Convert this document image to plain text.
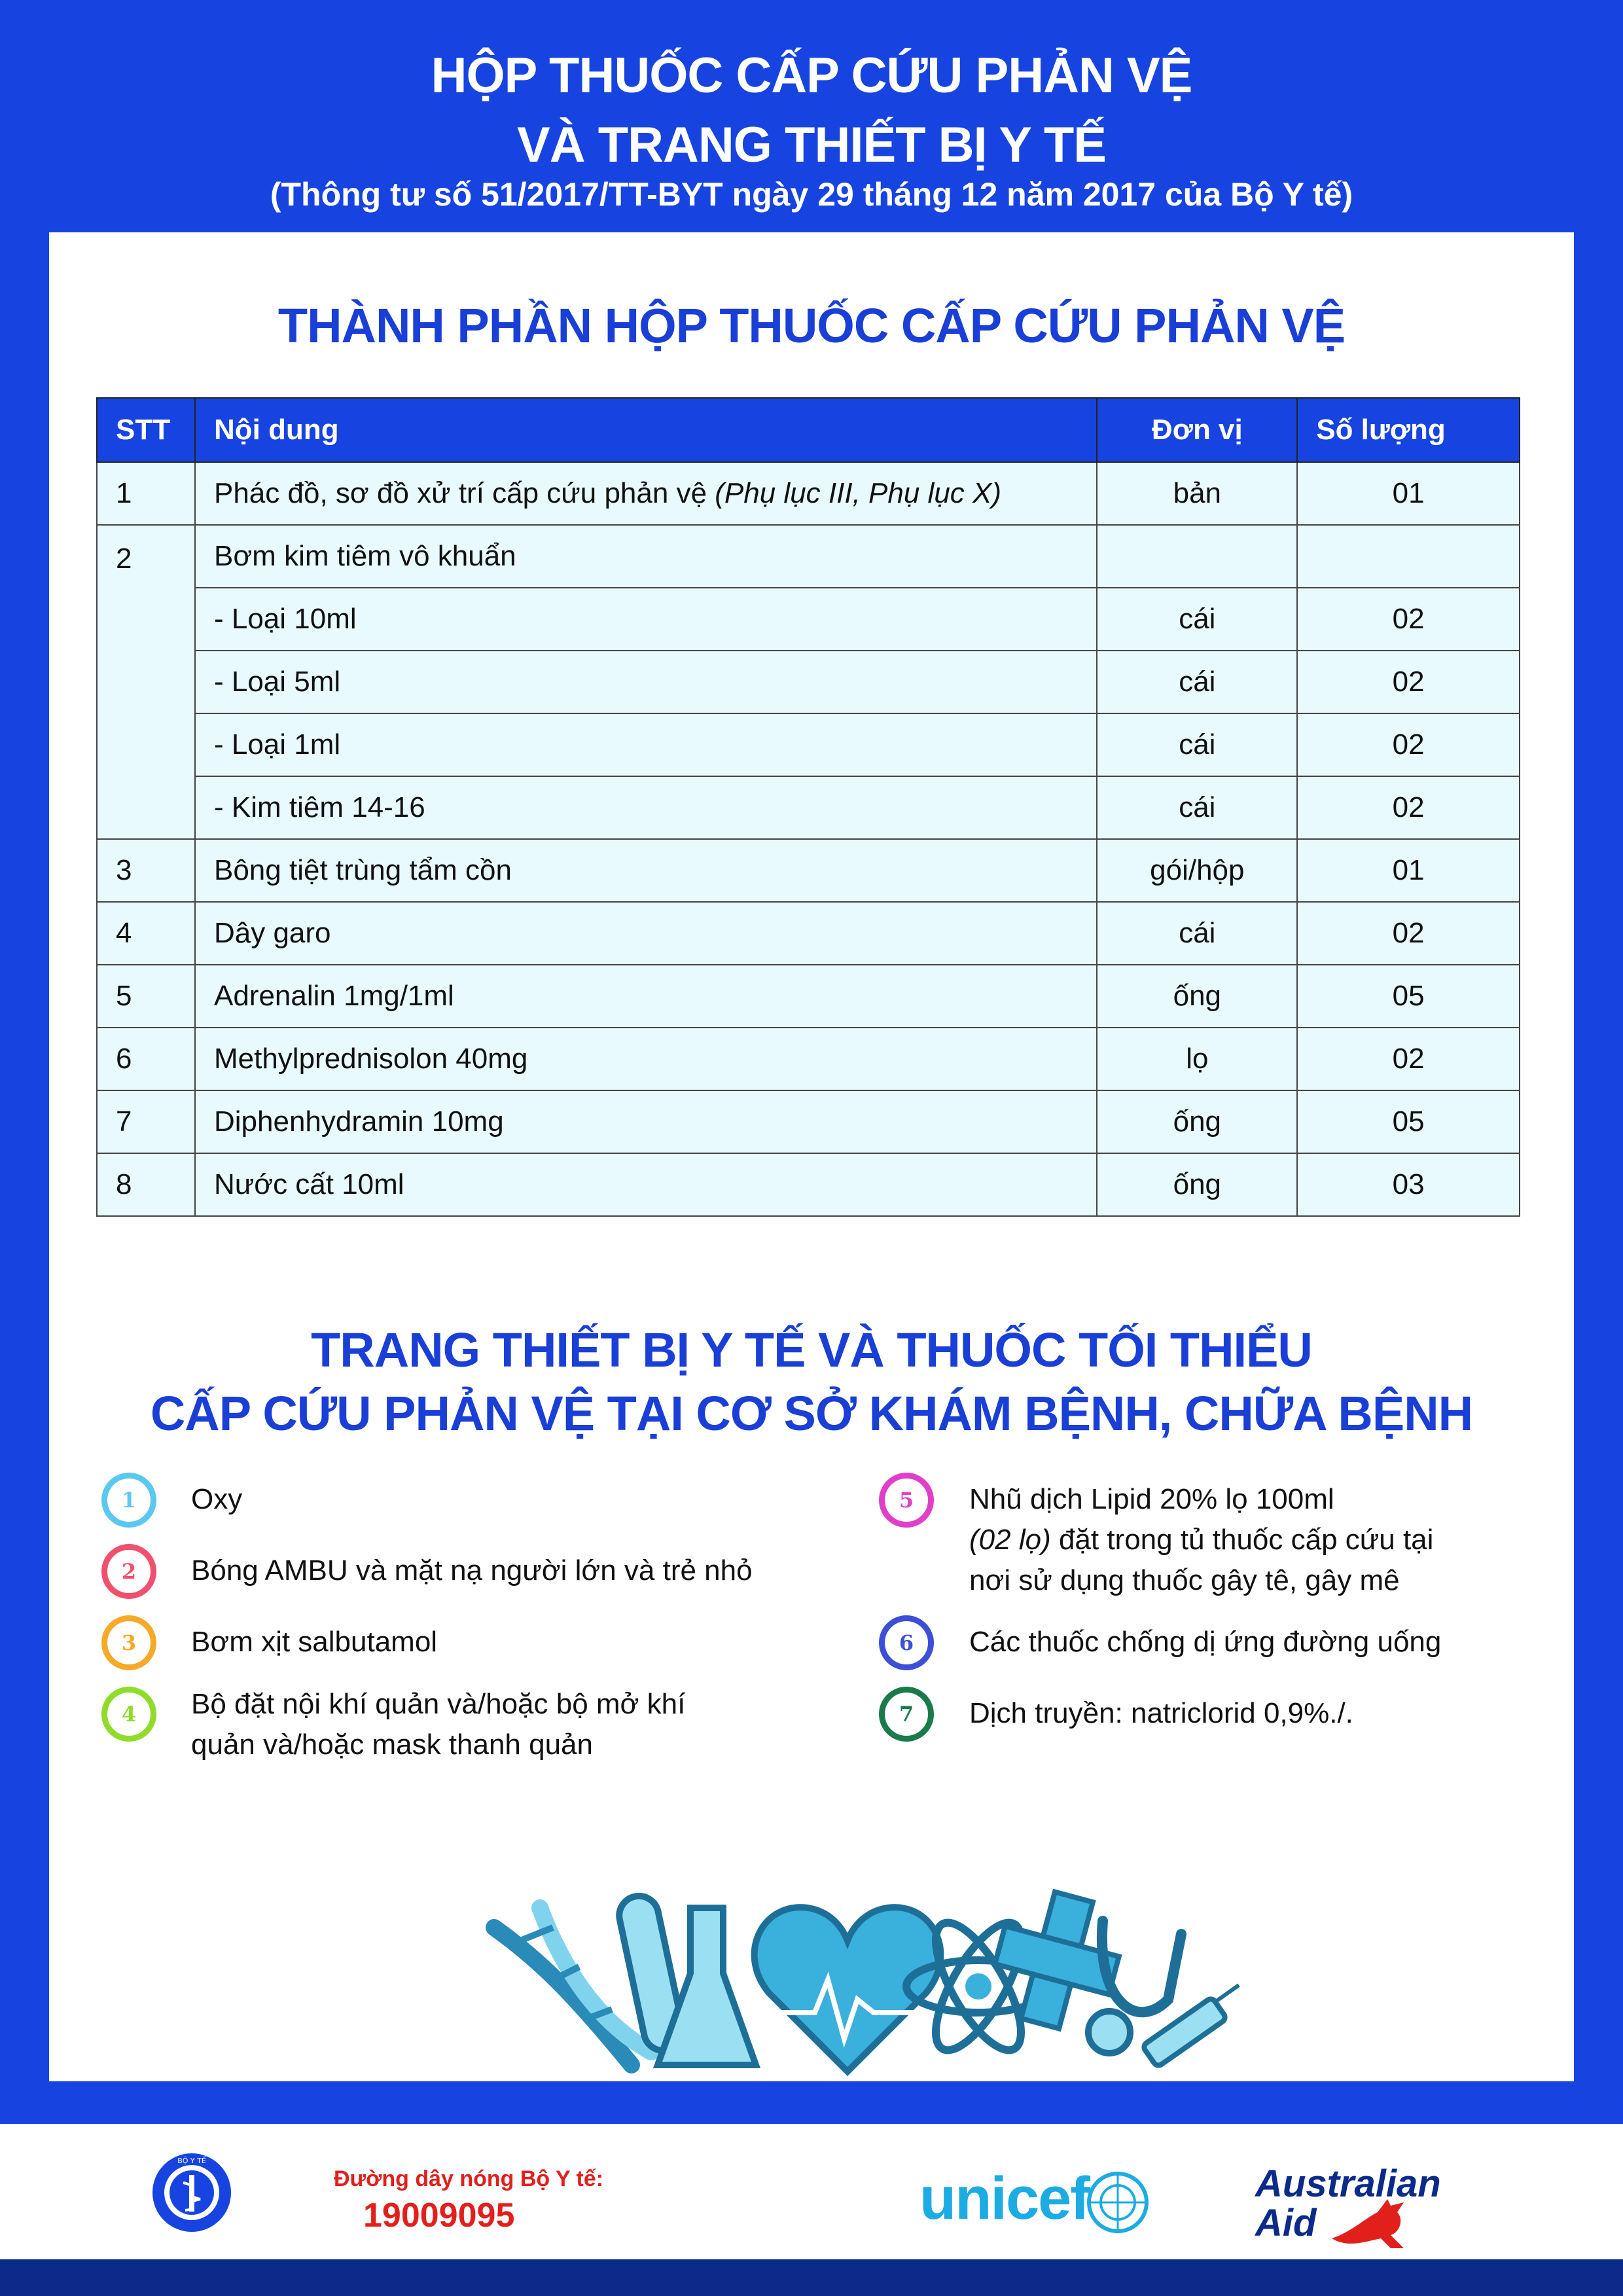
HỘP THUỐC CẤP CỨU PHẢN VỆ
VÀ TRANG THIẾT BỊ Y TẾ
(Thông tư số 51/2017/TT-BYT ngày 29 tháng 12 năm 2017 của Bộ Y tế)
THÀNH PHẦN HỘP THUỐC CẤP CỨU PHẢN VỆ
STT	Nội dung	Đơn vị	Số lượng
1	Phác đồ, sơ đồ xử trí cấp cứu phản vệ (Phụ lục III, Phụ lục X)	bản	01
2	Bơm kim tiêm vô khuẩn		
	- Loại 10ml	cái	02
	- Loại 5ml	cái	02
	- Loại 1ml	cái	02
	- Kim tiêm 14-16	cái	02
3	Bông tiệt trùng tẩm cồn	gói/hộp	01
4	Dây garo	cái	02
5	Adrenalin 1mg/1ml	ống	05
6	Methylprednisolon 40mg	lọ	02
7	Diphenhydramin 10mg	ống	05
8	Nước cất 10ml	ống	03
TRANG THIẾT BỊ Y TẾ VÀ THUỐC TỐI THIỂU
CẤP CỨU PHẢN VỆ TẠI CƠ SỞ KHÁM BỆNH, CHỮA BỆNH
1	Oxy
2	Bóng AMBU và mặt nạ người lớn và trẻ nhỏ
3	Bơm xịt salbutamol
4	Bộ đặt nội khí quản và/hoặc bộ mở khí
quản và/hoặc mask thanh quản
5	Nhũ dịch Lipid 20% lọ 100ml
(02 lọ) đặt trong tủ thuốc cấp cứu tại
nơi sử dụng thuốc gây tê, gây mê
6	Các thuốc chống dị ứng đường uống
7	Dịch truyền: natriclorid 0,9%./.
BỘ Y TẾ
Đường dây nóng Bộ Y tế:
19009095	unicef	Australian
Aid
